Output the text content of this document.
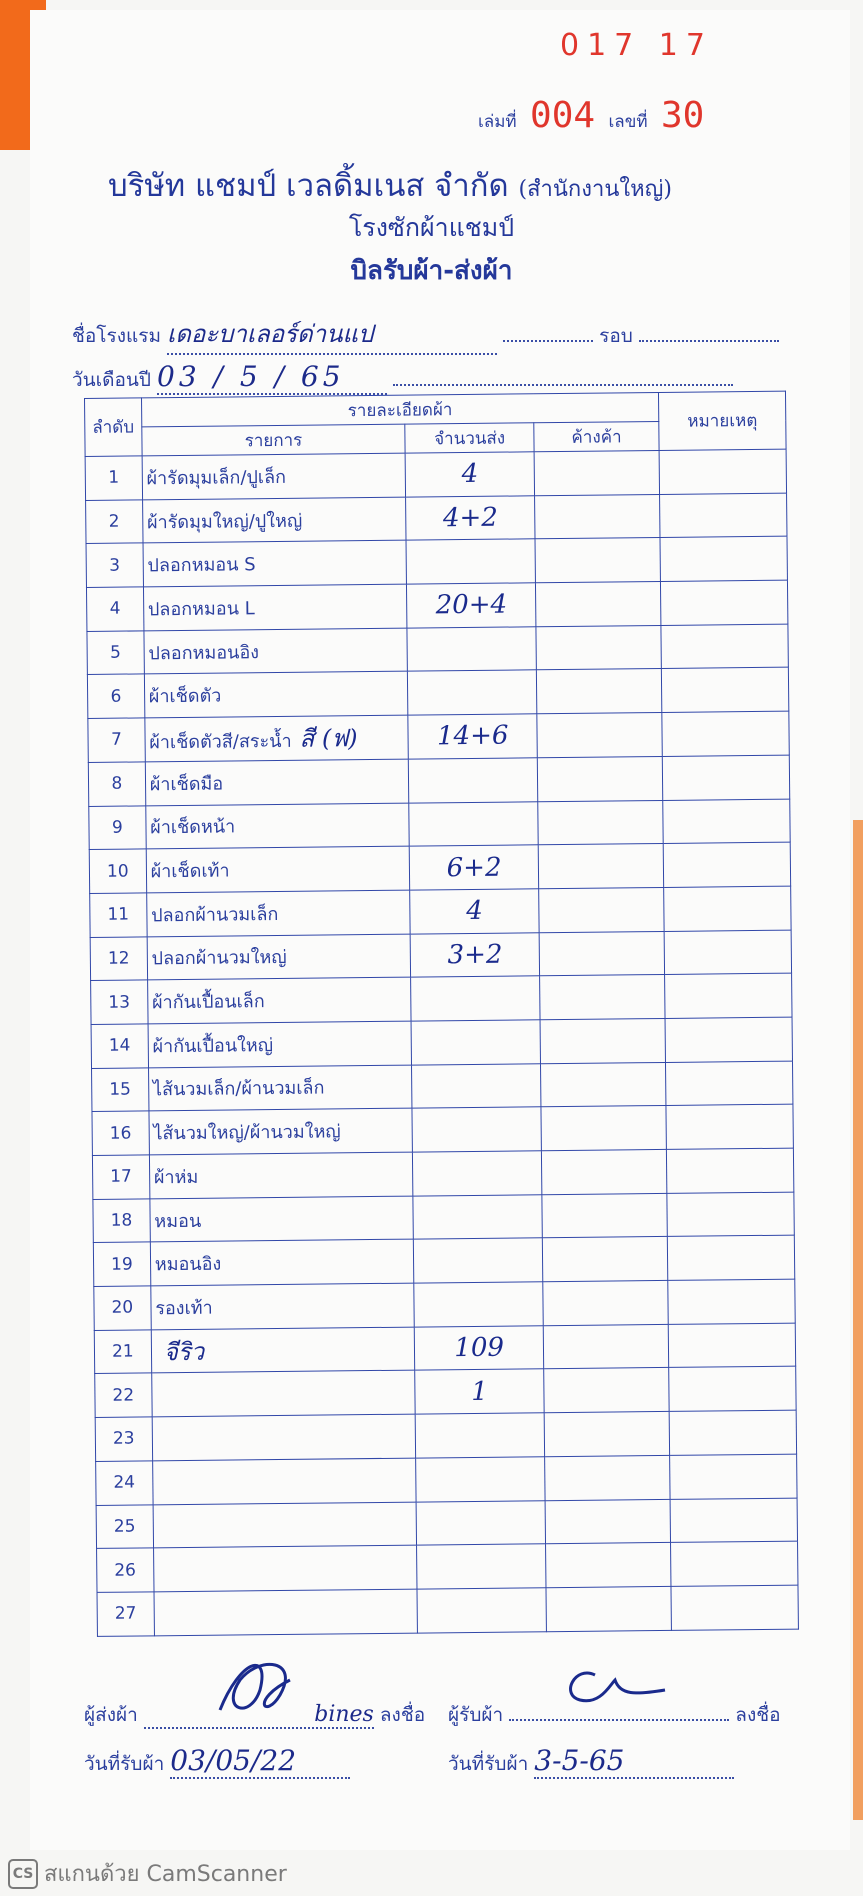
017 17
เล่มที่ 004 เลขที่ 30
บริษัท แชมป์ เวลดิ้มเนส จำกัด (สำนักงานใหญ่)
โรงซักผ้าแชมป์
บิลรับผ้า-ส่งผ้า
ชื่อโรงแรม เดอะบาเลอร์ด่านแป	รอบ
วันเดือนปี 03 / 5 / 65
ลำดับ	รายละเอียดผ้า			หมายเหตุ
	รายการ	จำนวนส่ง	ค้างค้า	
1	ผ้ารัดมุมเล็ก/ปูเล็ก	4		
2	ผ้ารัดมุมใหญ่/ปูใหญ่	4+2		
3	ปลอกหมอน S			
4	ปลอกหมอน L	20+4		
5	ปลอกหมอนอิง			
6	ผ้าเช็ดตัว			
7	ผ้าเช็ดตัวสี/สระน้ำ สี (ฟ)	14+6		
8	ผ้าเช็ดมือ			
9	ผ้าเช็ดหน้า			
10	ผ้าเช็ดเท้า	6+2		
11	ปลอกผ้านวมเล็ก	4		
12	ปลอกผ้านวมใหญ่	3+2		
13	ผ้ากันเปื้อนเล็ก			
14	ผ้ากันเปื้อนใหญ่			
15	ไส้นวมเล็ก/ผ้านวมเล็ก			
16	ไส้นวมใหญ่/ผ้านวมใหญ่			
17	ผ้าห่ม			
18	หมอน			
19	หมอนอิง			
20	รองเท้า			
21	จีริว	109		
22		1		
23				
24				
25				
26				
27				
ผู้ส่งผ้า	bines ลงชื่อ ผู้รับผ้า	ลงชื่อ
วันที่รับผ้า 03/05/22	วันที่รับผ้า 3-5-65
CS สแกนด้วย CamScanner
